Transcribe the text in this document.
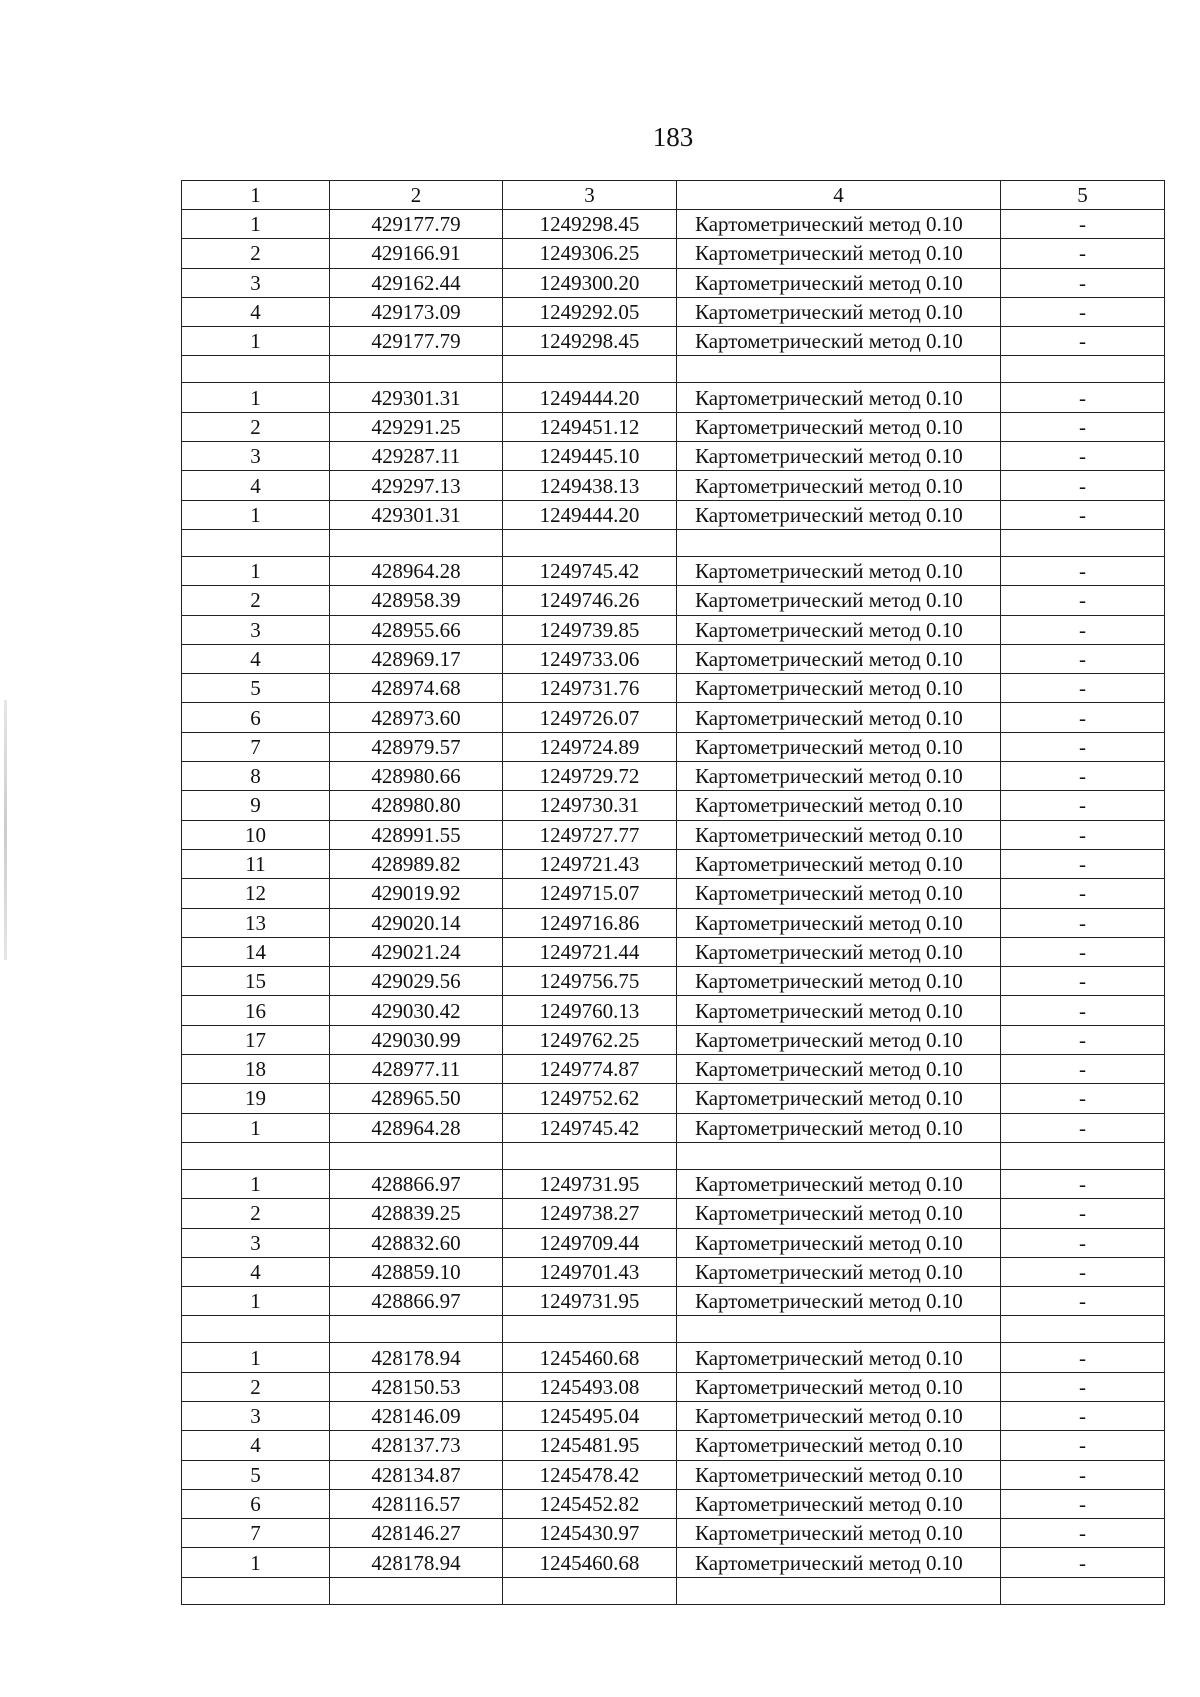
183
1	2	3	4	5
1	429177.79	1249298.45	Картометрический метод 0.10	-
2	429166.91	1249306.25	Картометрический метод 0.10	-
3	429162.44	1249300.20	Картометрический метод 0.10	-
4	429173.09	1249292.05	Картометрический метод 0.10	-
1	429177.79	1249298.45	Картометрический метод 0.10	-

1	429301.31	1249444.20	Картометрический метод 0.10	-
2	429291.25	1249451.12	Картометрический метод 0.10	-
3	429287.11	1249445.10	Картометрический метод 0.10	-
4	429297.13	1249438.13	Картометрический метод 0.10	-
1	429301.31	1249444.20	Картометрический метод 0.10	-

1	428964.28	1249745.42	Картометрический метод 0.10	-
2	428958.39	1249746.26	Картометрический метод 0.10	-
3	428955.66	1249739.85	Картометрический метод 0.10	-
4	428969.17	1249733.06	Картометрический метод 0.10	-
5	428974.68	1249731.76	Картометрический метод 0.10	-
6	428973.60	1249726.07	Картометрический метод 0.10	-
7	428979.57	1249724.89	Картометрический метод 0.10	-
8	428980.66	1249729.72	Картометрический метод 0.10	-
9	428980.80	1249730.31	Картометрический метод 0.10	-
10	428991.55	1249727.77	Картометрический метод 0.10	-
11	428989.82	1249721.43	Картометрический метод 0.10	-
12	429019.92	1249715.07	Картометрический метод 0.10	-
13	429020.14	1249716.86	Картометрический метод 0.10	-
14	429021.24	1249721.44	Картометрический метод 0.10	-
15	429029.56	1249756.75	Картометрический метод 0.10	-
16	429030.42	1249760.13	Картометрический метод 0.10	-
17	429030.99	1249762.25	Картометрический метод 0.10	-
18	428977.11	1249774.87	Картометрический метод 0.10	-
19	428965.50	1249752.62	Картометрический метод 0.10	-
1	428964.28	1249745.42	Картометрический метод 0.10	-

1	428866.97	1249731.95	Картометрический метод 0.10	-
2	428839.25	1249738.27	Картометрический метод 0.10	-
3	428832.60	1249709.44	Картометрический метод 0.10	-
4	428859.10	1249701.43	Картометрический метод 0.10	-
1	428866.97	1249731.95	Картометрический метод 0.10	-

1	428178.94	1245460.68	Картометрический метод 0.10	-
2	428150.53	1245493.08	Картометрический метод 0.10	-
3	428146.09	1245495.04	Картометрический метод 0.10	-
4	428137.73	1245481.95	Картометрический метод 0.10	-
5	428134.87	1245478.42	Картометрический метод 0.10	-
6	428116.57	1245452.82	Картометрический метод 0.10	-
7	428146.27	1245430.97	Картометрический метод 0.10	-
1	428178.94	1245460.68	Картометрический метод 0.10	-
